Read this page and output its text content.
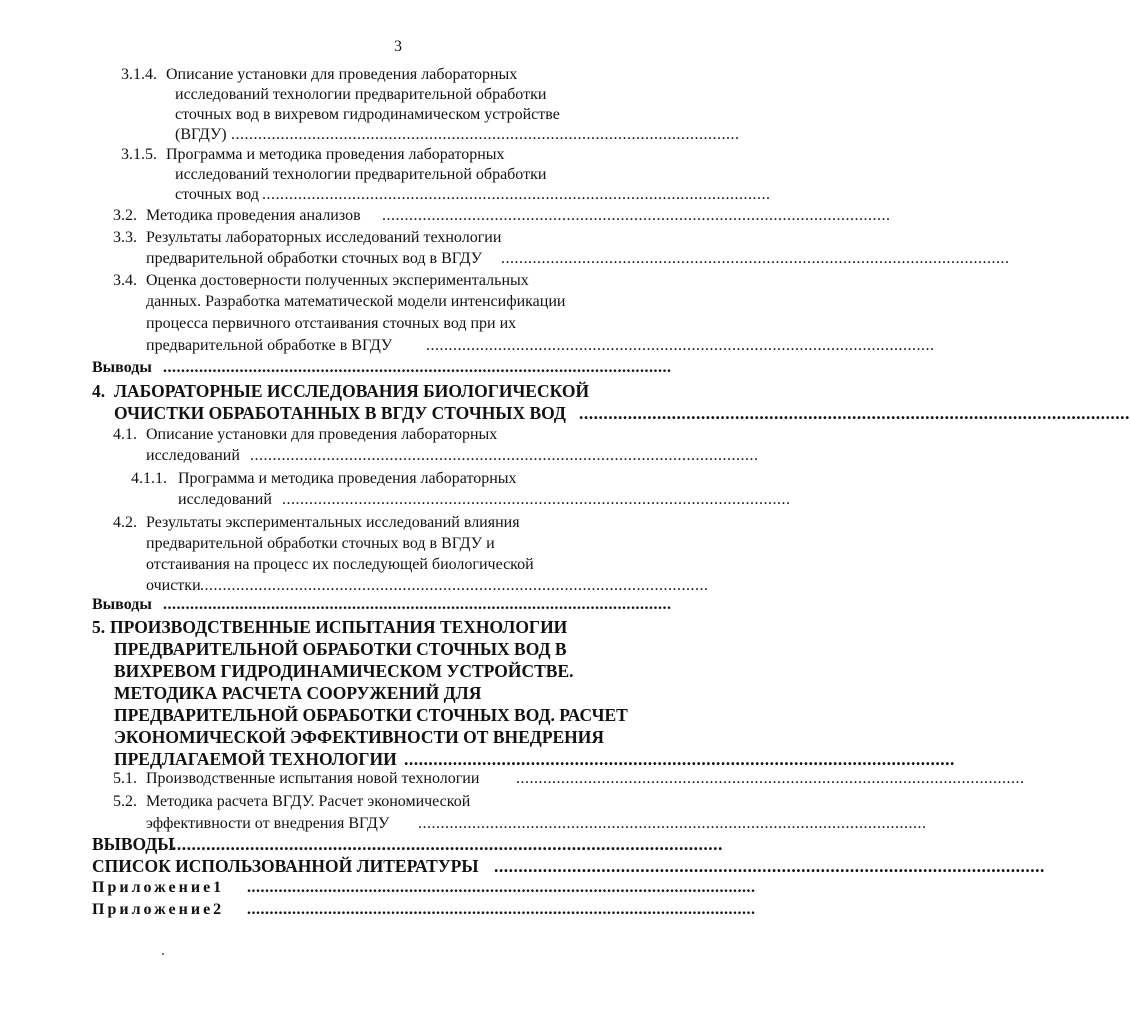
3
3.1.4. Описание установки для проведения лабораторных
исследований технологии предварительной обработки
сточных вод в вихревом гидродинамическом устройстве
(ВГДУ) .................................................................................................................
3.1.5. Программа и методика проведения лабораторных
исследований технологии предварительной обработки
сточных вод .................................................................................................................
3.2. Методика проведения анализов .................................................................................................................
3.3. Результаты лабораторных исследований технологии
предварительной обработки сточных вод в ВГДУ .................................................................................................................
3.4. Оценка достоверности полученных экспериментальных
данных. Разработка математической модели интенсификации
процесса первичного отстаивания сточных вод при их
предварительной обработке в ВГДУ .................................................................................................................
Выводы .................................................................................................................
4. ЛАБОРАТОРНЫЕ ИССЛЕДОВАНИЯ БИОЛОГИЧЕСКОЙ
ОЧИСТКИ ОБРАБОТАННЫХ В ВГДУ СТОЧНЫХ ВОД .................................................................................................................
4.1. Описание установки для проведения лабораторных
исследований .................................................................................................................
4.1.1. Программа и методика проведения лабораторных
исследований .................................................................................................................
4.2. Результаты экспериментальных исследований влияния
предварительной обработки сточных вод в ВГДУ и
отстаивания на процесс их последующей биологической
очистки .................................................................................................................
Выводы .................................................................................................................
5. ПРОИЗВОДСТВЕННЫЕ ИСПЫТАНИЯ ТЕХНОЛОГИИ
ПРЕДВАРИТЕЛЬНОЙ ОБРАБОТКИ СТОЧНЫХ ВОД В
ВИХРЕВОМ ГИДРОДИНАМИЧЕСКОМ УСТРОЙСТВЕ.
МЕТОДИКА РАСЧЕТА СООРУЖЕНИЙ ДЛЯ
ПРЕДВАРИТЕЛЬНОЙ ОБРАБОТКИ СТОЧНЫХ ВОД. РАСЧЕТ
ЭКОНОМИЧЕСКОЙ ЭФФЕКТИВНОСТИ ОТ ВНЕДРЕНИЯ
ПРЕДЛАГАЕМОЙ ТЕХНОЛОГИИ .................................................................................................................
5.1. Производственные испытания новой технологии .................................................................................................................
5.2. Методика расчета ВГДУ. Расчет экономической
эффективности от внедрения ВГДУ .................................................................................................................
ВЫВОДЫ
.................................................................................................................
СПИСОК ИСПОЛЬЗОВАННОЙ ЛИТЕРАТУРЫ .................................................................................................................
Приложение1 .................................................................................................................
Приложение2 .................................................................................................................
